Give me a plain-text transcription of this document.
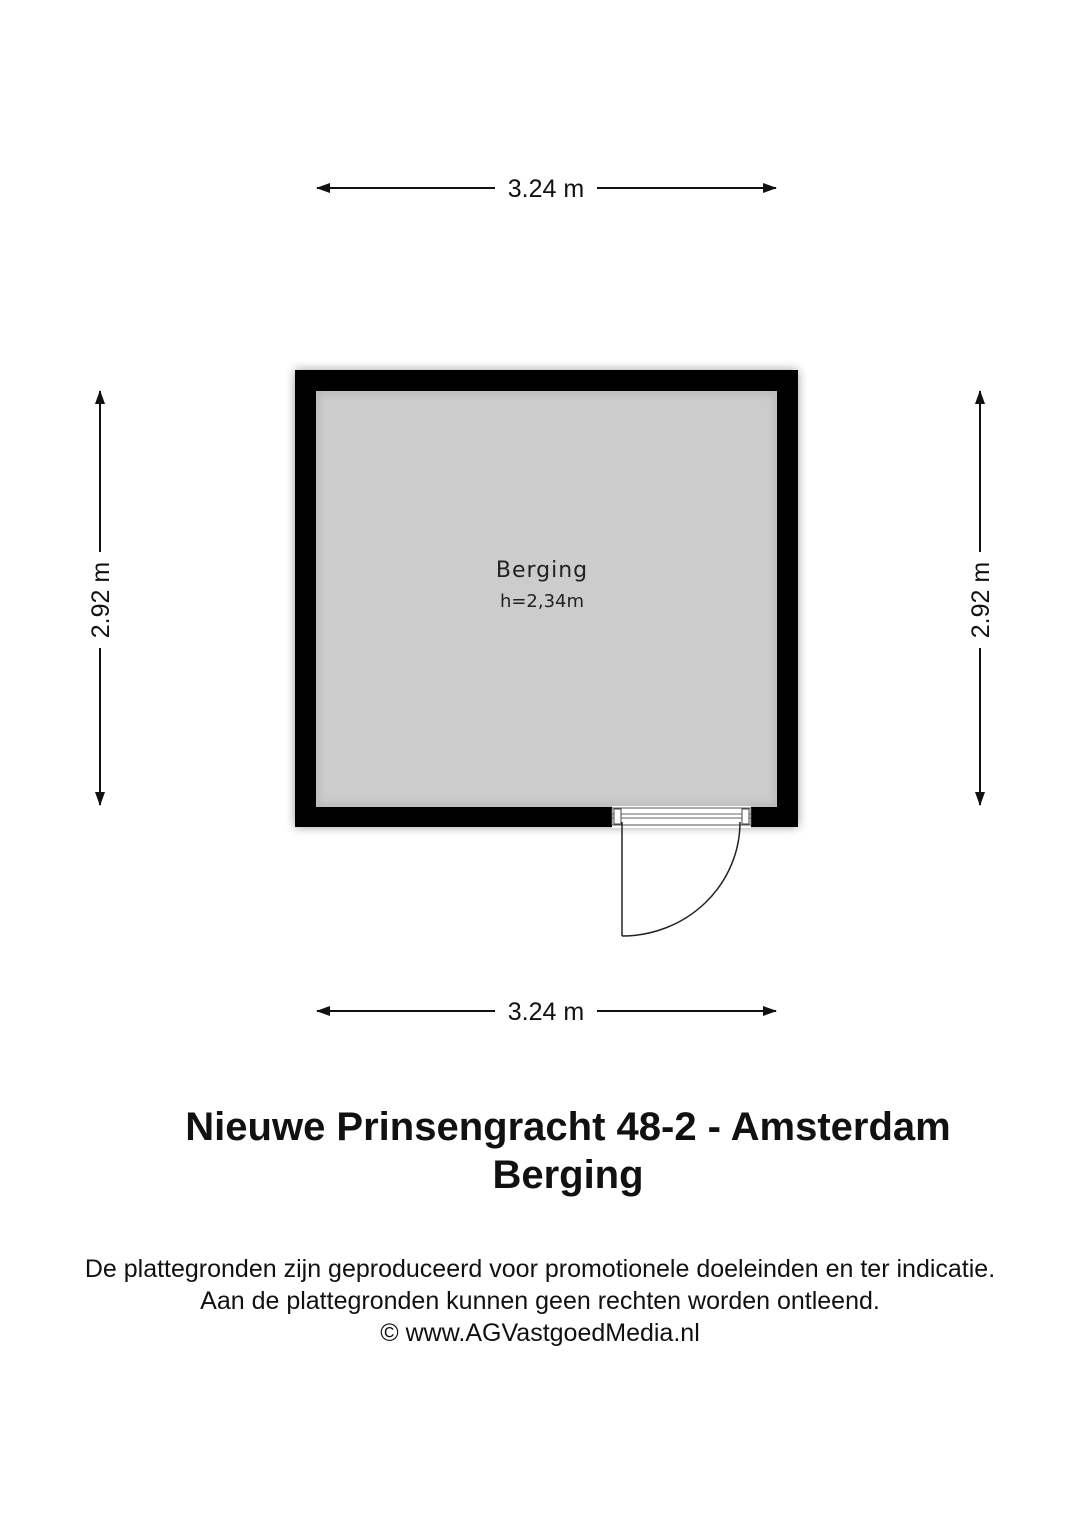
3.24 m
3.24 m
2.92 m	2.92 m
Berging
h=2,34m
Nieuwe Prinsengracht 48-2 - Amsterdam
Berging
De plattegronden zijn geproduceerd voor promotionele doeleinden en ter indicatie.
Aan de plattegronden kunnen geen rechten worden ontleend.
© www.AGVastgoedMedia.nl
